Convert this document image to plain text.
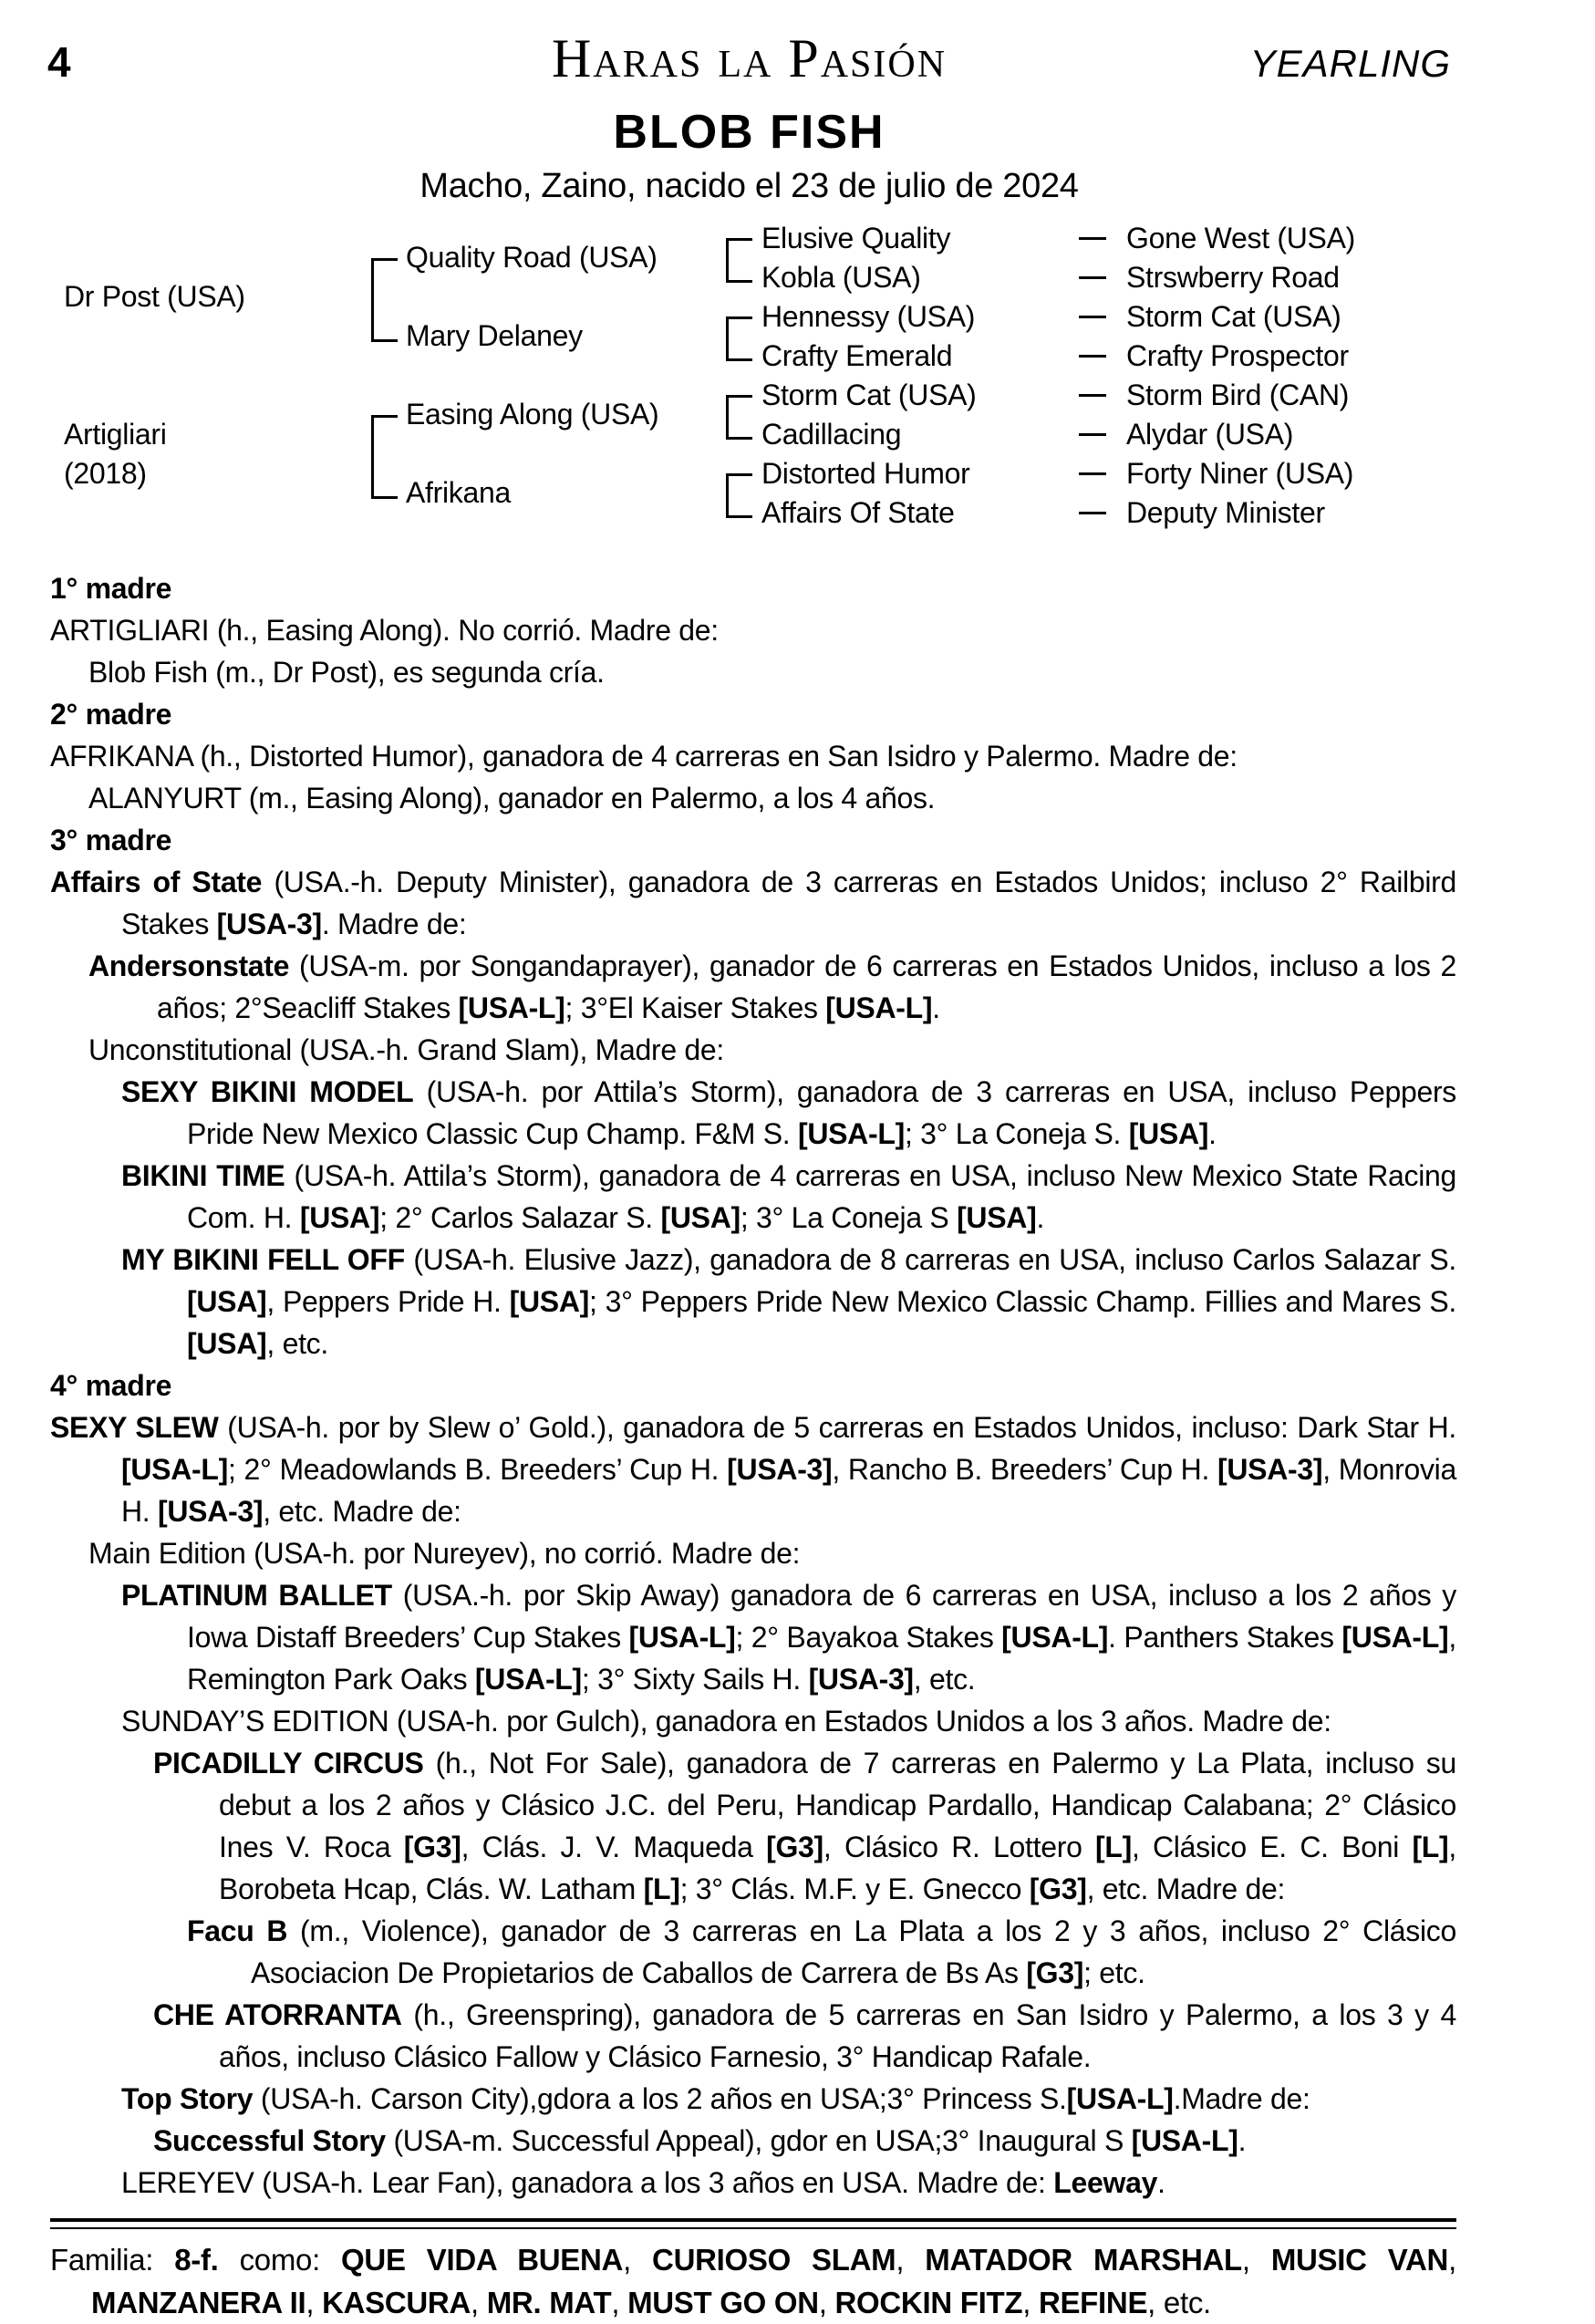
4	Haras la Pasión	YEARLING
BLOB FISH
Macho, Zaino, nacido el 23 de julio de 2024
Dr Post (USA)
Artigliari
(2018)
Quality Road (USA)
Mary Delaney
Easing Along (USA)
Afrikana
Elusive Quality
Kobla (USA)
Hennessy (USA)
Crafty Emerald
Storm Cat (USA)
Cadillacing
Distorted Humor
Affairs Of State
Gone West (USA)
Strswberry Road
Storm Cat (USA)
Crafty Prospector
Storm Bird (CAN)
Alydar (USA)
Forty Niner (USA)
Deputy Minister
1° madre
ARTIGLIARI (h., Easing Along). No corrió. Madre de:
Blob Fish (m., Dr Post), es segunda cría.
2° madre
AFRIKANA (h., Distorted Humor), ganadora de 4 carreras en San Isidro y Palermo. Madre de:
ALANYURT (m., Easing Along), ganador en Palermo, a los 4 años.
3° madre
Affairs of State (USA.-h. Deputy Minister), ganadora de 3 carreras en Estados Unidos; incluso 2° Railbird Stakes [USA-3]. Madre de:
Andersonstate (USA-m. por Songandaprayer), ganador de 6 carreras en Estados Unidos, incluso a los 2 años; 2°Seacliff Stakes [USA-L]; 3°El Kaiser Stakes [USA-L].
Unconstitutional (USA.-h. Grand Slam), Madre de:
SEXY BIKINI MODEL (USA-h. por Attila’s Storm), ganadora de 3 carreras en USA, incluso Peppers Pride New Mexico Classic Cup Champ. F&M S. [USA-L]; 3° La Coneja S. [USA].
BIKINI TIME (USA-h. Attila’s Storm), ganadora de 4 carreras en USA, incluso New Mexico State Racing Com. H. [USA]; 2° Carlos Salazar S. [USA]; 3° La Coneja S [USA].
MY BIKINI FELL OFF (USA-h. Elusive Jazz), ganadora de 8 carreras en USA, incluso Carlos Salazar S. [USA], Peppers Pride H. [USA]; 3° Peppers Pride New Mexico Classic Champ. Fillies and Mares S. [USA], etc.
4° madre
SEXY SLEW (USA-h. por by Slew o’ Gold.), ganadora de 5 carreras en Estados Unidos, incluso: Dark Star H. [USA-L]; 2° Meadowlands B. Breeders’ Cup H. [USA-3], Rancho B. Breeders’ Cup H. [USA-3], Monrovia H. [USA-3], etc. Madre de:
Main Edition (USA-h. por Nureyev), no corrió. Madre de:
PLATINUM BALLET (USA.-h. por Skip Away) ganadora de 6 carreras en USA, incluso a los 2 años y Iowa Distaff Breeders’ Cup Stakes [USA-L]; 2° Bayakoa Stakes [USA-L]. Panthers Stakes [USA-L], Remington Park Oaks [USA-L]; 3° Sixty Sails H. [USA-3], etc.
SUNDAY’S EDITION (USA-h. por Gulch), ganadora en Estados Unidos a los 3 años. Madre de:
PICADILLY CIRCUS (h., Not For Sale), ganadora de 7 carreras en Palermo y La Plata, incluso su debut a los 2 años y Clásico J.C. del Peru, Handicap Pardallo, Handicap Calabana; 2° Clásico Ines V. Roca [G3], Clás. J. V. Maqueda [G3], Clásico R. Lottero [L], Clásico E. C. Boni [L], Borobeta Hcap, Clás. W. Latham [L]; 3° Clás. M.F. y E. Gnecco [G3], etc. Madre de:
Facu B (m., Violence), ganador de 3 carreras en La Plata a los 2 y 3 años, incluso 2° Clásico Asociacion De Propietarios de Caballos de Carrera de Bs As [G3]; etc.
CHE ATORRANTA (h., Greenspring), ganadora de 5 carreras en San Isidro y Palermo, a los 3 y 4 años, incluso Clásico Fallow y Clásico Farnesio, 3° Handicap Rafale.
Top Story (USA-h. Carson City),gdora a los 2 años en USA;3° Princess S.[USA-L].Madre de:
Successful Story (USA-m. Successful Appeal), gdor en USA;3° Inaugural S [USA-L].
LEREYEV (USA-h. Lear Fan), ganadora a los 3 años en USA. Madre de: Leeway.
Familia: 8-f. como: QUE VIDA BUENA, CURIOSO SLAM, MATADOR MARSHAL, MUSIC VAN, MANZANERA II, KASCURA, MR. MAT, MUST GO ON, ROCKIN FITZ, REFINE, etc.
